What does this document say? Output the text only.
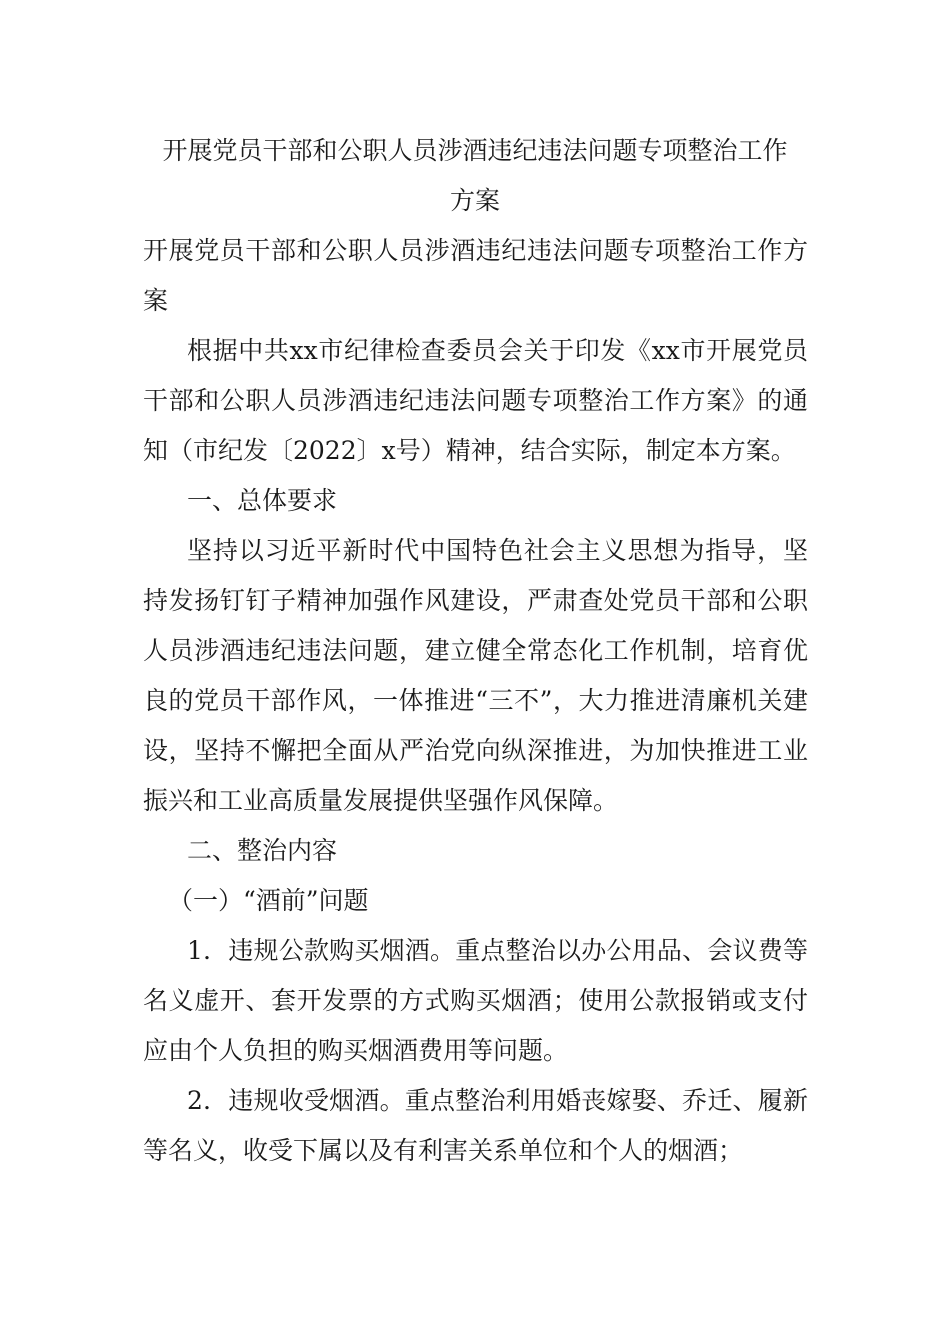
开展党员干部和公职人员涉酒违纪违法问题专项整治工作
方案

开展党员干部和公职人员涉酒违纪违法问题专项整治工作方案

根据中共xx市纪律检查委员会关于印发《xx市开展党员干部和公职人员涉酒违纪违法问题专项整治工作方案》的通知（市纪发〔2022〕x号）精神，结合实际，制定本方案。

一、总体要求

坚持以习近平新时代中国特色社会主义思想为指导，坚持发扬钉钉子精神加强作风建设，严肃查处党员干部和公职人员涉酒违纪违法问题，建立健全常态化工作机制，培育优良的党员干部作风，一体推进“三不”，大力推进清廉机关建设，坚持不懈把全面从严治党向纵深推进，为加快推进工业振兴和工业高质量发展提供坚强作风保障。

二、整治内容

（一）“酒前”问题

1．违规公款购买烟酒。重点整治以办公用品、会议费等名义虚开、套开发票的方式购买烟酒；使用公款报销或支付应由个人负担的购买烟酒费用等问题。

2．违规收受烟酒。重点整治利用婚丧嫁娶、乔迁、履新等名义，收受下属以及有利害关系单位和个人的烟酒；
